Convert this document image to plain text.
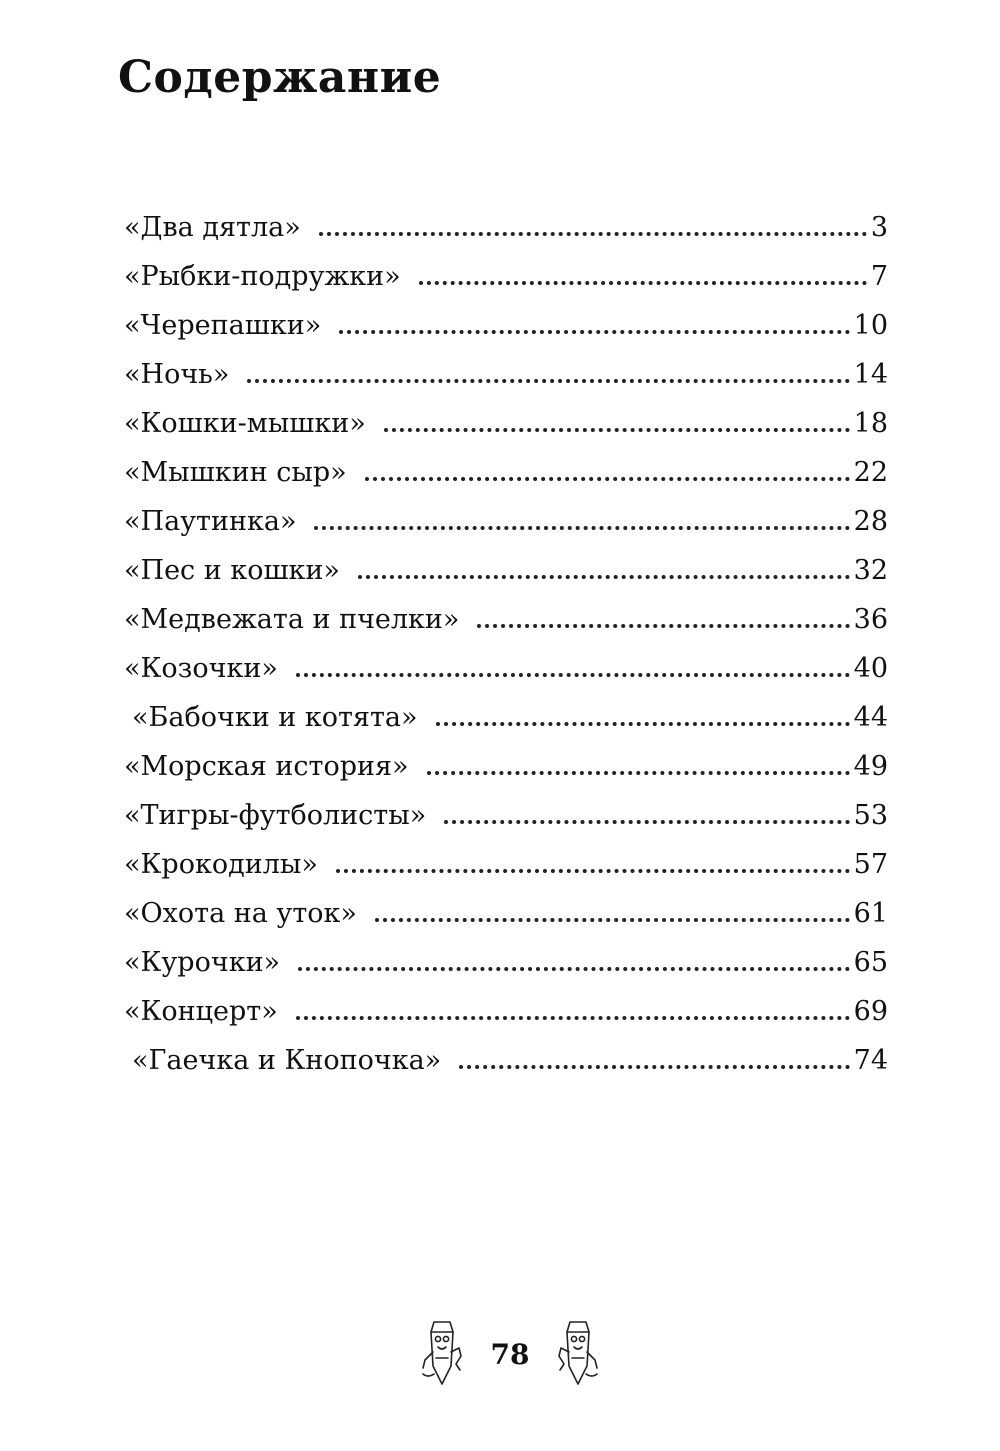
Содержание
«Два дятла»	3
«Рыбки-подружки»	7
«Черепашки»	10
«Ночь»	14
«Кошки-мышки»	18
«Мышкин сыр»	22
«Паутинка»	28
«Пес и кошки»	32
«Медвежата и пчелки»	36
«Козочки»	40
«Бабочки и котята»	44
«Морская история»	49
«Тигры-футболисты»	53
«Крокодилы»	57
«Охота на уток»	61
«Курочки»	65
«Концерт»	69
«Гаечка и Кнопочка»	74
78
